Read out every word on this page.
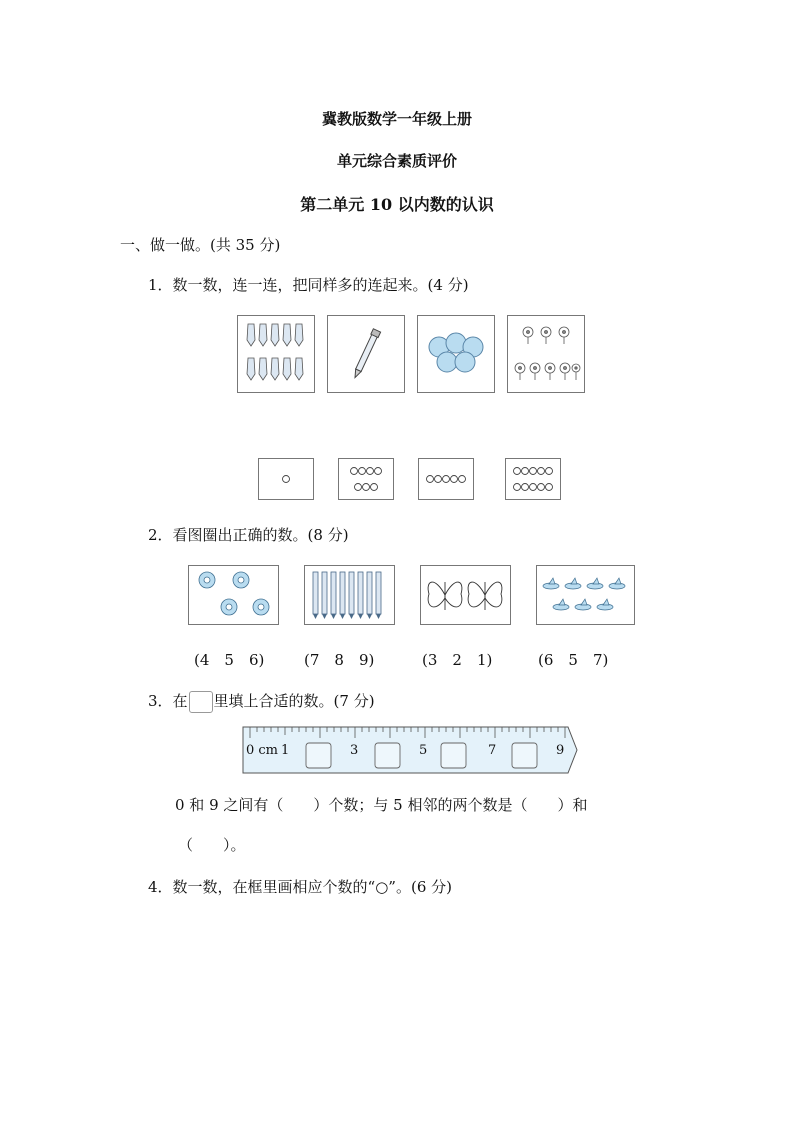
冀教版数学一年级上册
单元综合素质评价
第二单元 10 以内数的认识
一、做一做。(共 35 分)
1．数一数，连一连，把同样多的连起来。(4 分)
2．看图圈出正确的数。(8 分)
(4　5　6)	(7　8　9)	(3　2　1)	(6　5　7)
3．在 里填上合适的数。(7 分)
0 cm 1	3	5	7	9
0 和 9 之间有（　　）个数；与 5 相邻的两个数是（　　）和
（　　）。
4．数一数，在框里画相应个数的“○”。(6 分)
